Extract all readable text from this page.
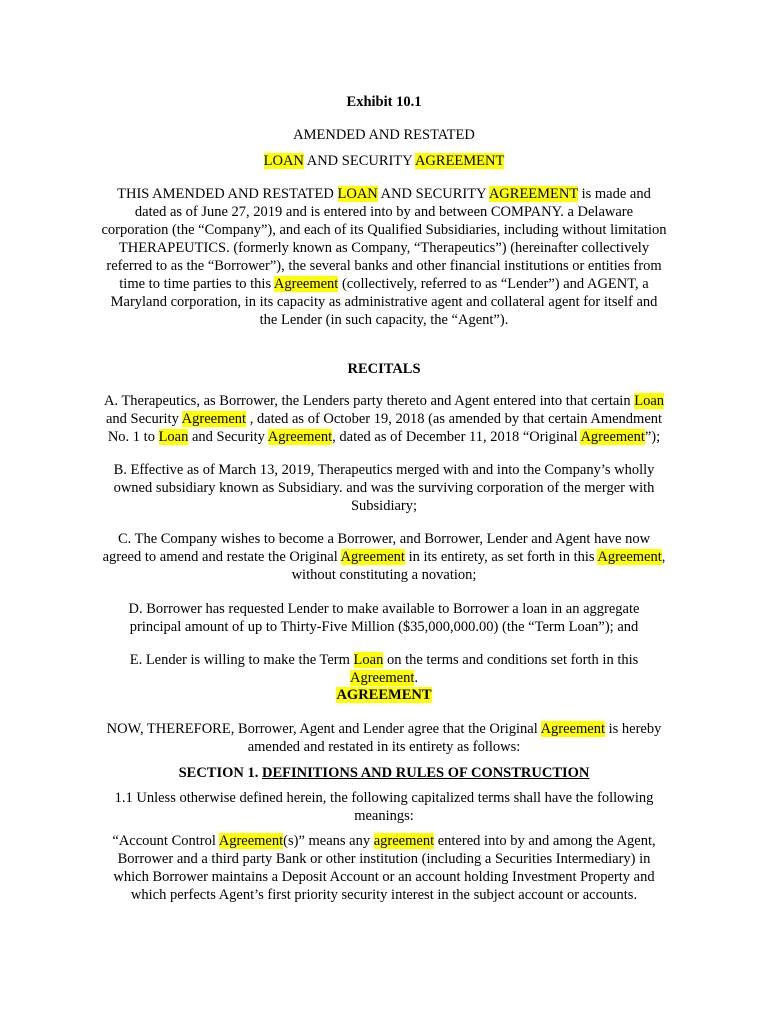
Exhibit 10.1
AMENDED AND RESTATED
LOAN AND SECURITY AGREEMENT
RECITALS
AGREEMENT
SECTION 1. DEFINITIONS AND RULES OF CONSTRUCTION
THIS AMENDED AND RESTATED LOAN AND SECURITY AGREEMENT is made and
dated as of June 27, 2019 and is entered into by and between COMPANY. a Delaware
corporation (the “Company”), and each of its Qualified Subsidiaries, including without limitation
THERAPEUTICS. (formerly known as Company, “Therapeutics”) (hereinafter collectively
referred to as the “Borrower”), the several banks and other financial institutions or entities from
time to time parties to this Agreement (collectively, referred to as “Lender”) and AGENT, a
Maryland corporation, in its capacity as administrative agent and collateral agent for itself and
the Lender (in such capacity, the “Agent”).
A. Therapeutics, as Borrower, the Lenders party thereto and Agent entered into that certain Loan
and Security Agreement , dated as of October 19, 2018 (as amended by that certain Amendment
No. 1 to Loan and Security Agreement, dated as of December 11, 2018 “Original Agreement”);
B. Effective as of March 13, 2019, Therapeutics merged with and into the Company’s wholly
owned subsidiary known as Subsidiary. and was the surviving corporation of the merger with
Subsidiary;
C. The Company wishes to become a Borrower, and Borrower, Lender and Agent have now
agreed to amend and restate the Original Agreement in its entirety, as set forth in this Agreement,
without constituting a novation;
D. Borrower has requested Lender to make available to Borrower a loan in an aggregate
principal amount of up to Thirty-Five Million ($35,000,000.00) (the “Term Loan”); and
E. Lender is willing to make the Term Loan on the terms and conditions set forth in this
Agreement.
NOW, THEREFORE, Borrower, Agent and Lender agree that the Original Agreement is hereby
amended and restated in its entirety as follows:
1.1 Unless otherwise defined herein, the following capitalized terms shall have the following
meanings:
“Account Control Agreement(s)” means any agreement entered into by and among the Agent,
Borrower and a third party Bank or other institution (including a Securities Intermediary) in
which Borrower maintains a Deposit Account or an account holding Investment Property and
which perfects Agent’s first priority security interest in the subject account or accounts.
